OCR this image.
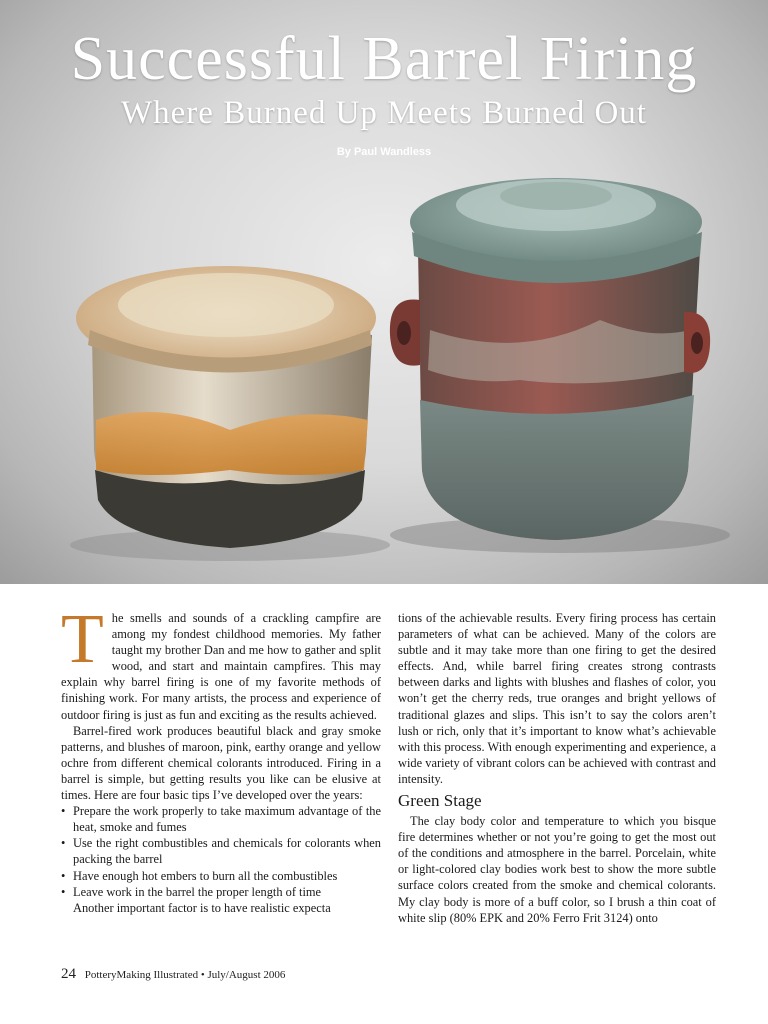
Successful Barrel Firing
Where Burned Up Meets Burned Out
By Paul Wandless

The smells and sounds of a crackling campfire are among my fondest childhood memories. My father taught my brother Dan and me how to gather and split wood, and start and maintain campfires. This may explain why barrel firing is one of my favorite methods of finishing work. For many artists, the process and experience of outdoor firing is just as fun and exciting as the results achieved.

Barrel-fired work produces beautiful black and gray smoke patterns, and blushes of maroon, pink, earthy orange and yellow ochre from different chemical colorants introduced. Firing in a barrel is simple, but getting results you like can be elusive at times. Here are four basic tips I’ve developed over the years:

• Prepare the work properly to take maximum advantage of the heat, smoke and fumes
• Use the right combustibles and chemicals for colorants when packing the barrel
• Have enough hot embers to burn all the combustibles
• Leave work in the barrel the proper length of time

Another important factor is to have realistic expecta

tions of the achievable results. Every firing process has certain parameters of what can be achieved. Many of the colors are subtle and it may take more than one firing to get the desired effects. And, while barrel firing creates strong contrasts between darks and lights with blushes and flashes of color, you won’t get the cherry reds, true oranges and bright yellows of traditional glazes and slips. This isn’t to say the colors aren’t lush or rich, only that it’s important to know what’s achievable with this process. With enough experimenting and experience, a wide variety of vibrant colors can be achieved with contrast and intensity.

Green Stage

The clay body color and temperature to which you bisque fire determines whether or not you’re going to get the most out of the conditions and atmosphere in the barrel. Porcelain, white or light-colored clay bodies work best to show the more subtle surface colors created from the smoke and chemical colorants. My clay body is more of a buff color, so I brush a thin coat of white slip (80% EPK and 20% Ferro Frit 3124) onto

24 PotteryMaking Illustrated • July/August 2006
